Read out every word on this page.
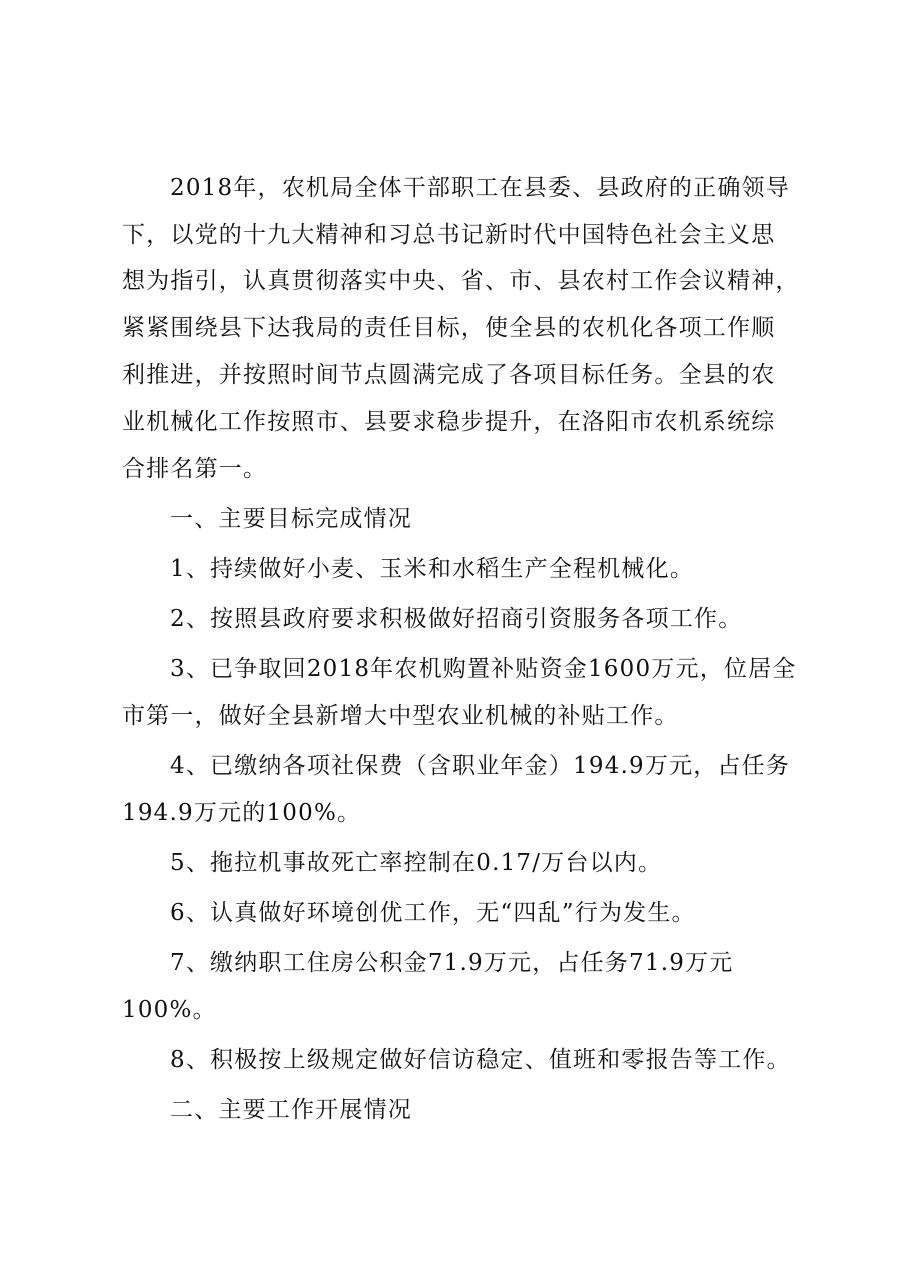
2018年，农机局全体干部职工在县委、县政府的正确领导
下，以党的十九大精神和习总书记新时代中国特色社会主义思
想为指引，认真贯彻落实中央、省、市、县农村工作会议精神，
紧紧围绕县下达我局的责任目标，使全县的农机化各项工作顺
利推进，并按照时间节点圆满完成了各项目标任务。全县的农
业机械化工作按照市、县要求稳步提升，在洛阳市农机系统综
合排名第一。
一、主要目标完成情况
1、持续做好小麦、玉米和水稻生产全程机械化。
2、按照县政府要求积极做好招商引资服务各项工作。
3、已争取回2018年农机购置补贴资金1600万元，位居全
市第一，做好全县新增大中型农业机械的补贴工作。
4、已缴纳各项社保费（含职业年金）194.9万元，占任务
194.9万元的100%。
5、拖拉机事故死亡率控制在0.17/万台以内。
6、认真做好环境创优工作，无“四乱”行为发生。
7、缴纳职工住房公积金71.9万元，占任务71.9万元
100%。
8、积极按上级规定做好信访稳定、值班和零报告等工作。
二、主要工作开展情况
